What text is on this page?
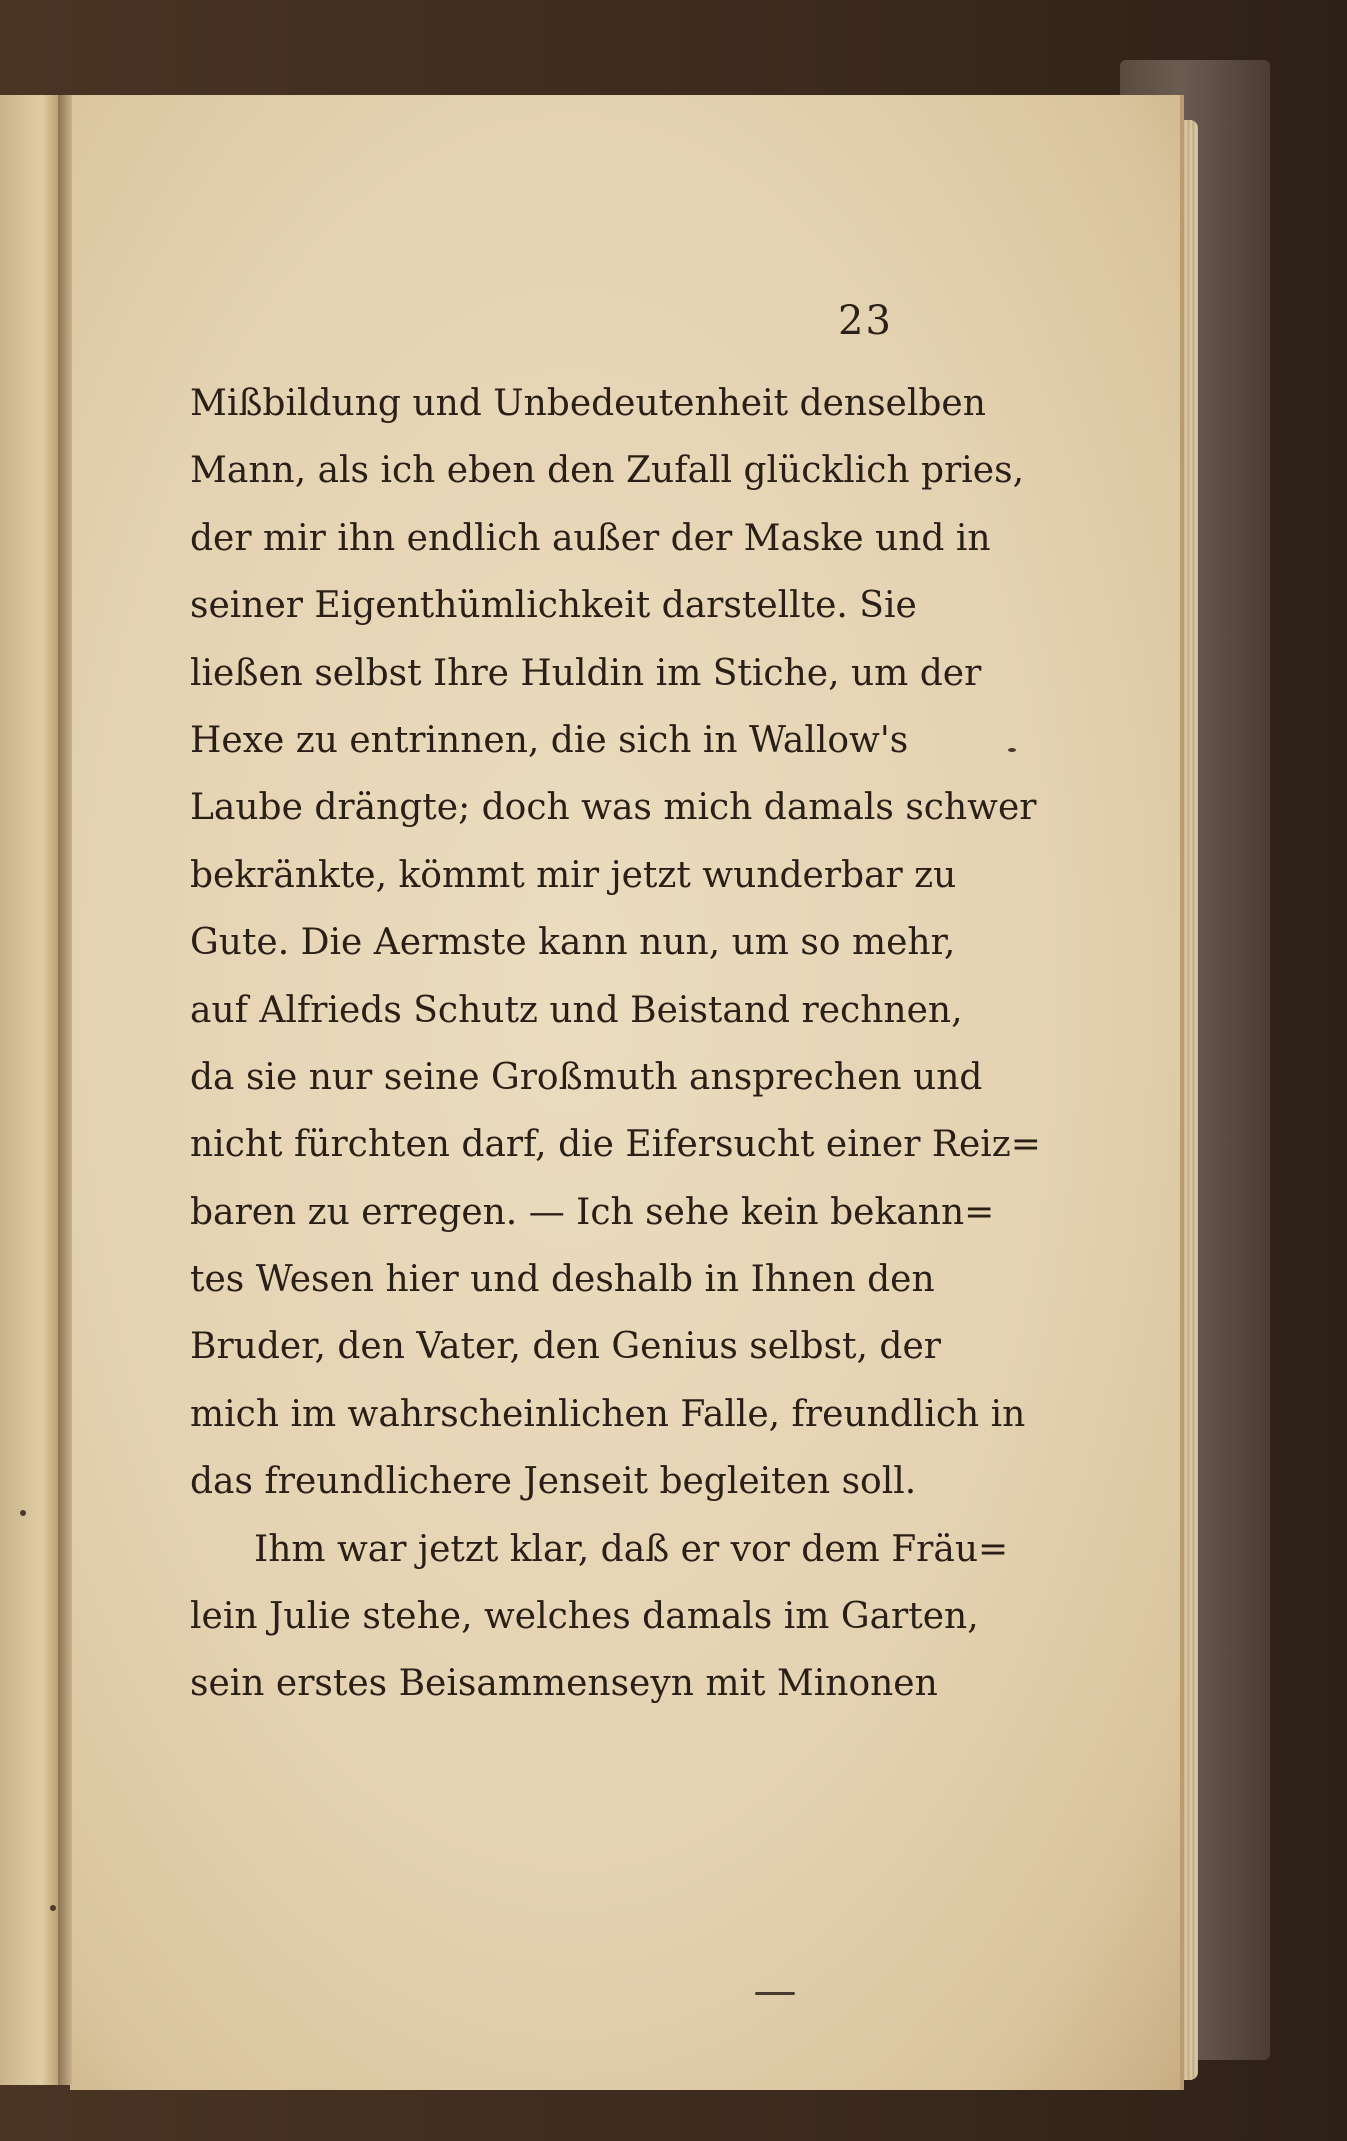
23
Mißbildung und Unbedeutenheit denselben
Mann, als ich eben den Zufall glücklich pries,
der mir ihn endlich außer der Maske und in
seiner Eigenthümlichkeit darstellte. Sie
ließen selbst Ihre Huldin im Stiche, um der
Hexe zu entrinnen, die sich in Wallow's
Laube drängte; doch was mich damals schwer
bekränkte, kömmt mir jetzt wunderbar zu
Gute. Die Aermste kann nun, um so mehr,
auf Alfrieds Schutz und Beistand rechnen,
da sie nur seine Großmuth ansprechen und
nicht fürchten darf, die Eifersucht einer Reiz=
baren zu erregen. — Ich sehe kein bekann=
tes Wesen hier und deshalb in Ihnen den
Bruder, den Vater, den Genius selbst, der
mich im wahrscheinlichen Falle, freundlich in
das freundlichere Jenseit begleiten soll.
Ihm war jetzt klar, daß er vor dem Fräu=
lein Julie stehe, welches damals im Garten,
sein erstes Beisammenseyn mit Minonen
